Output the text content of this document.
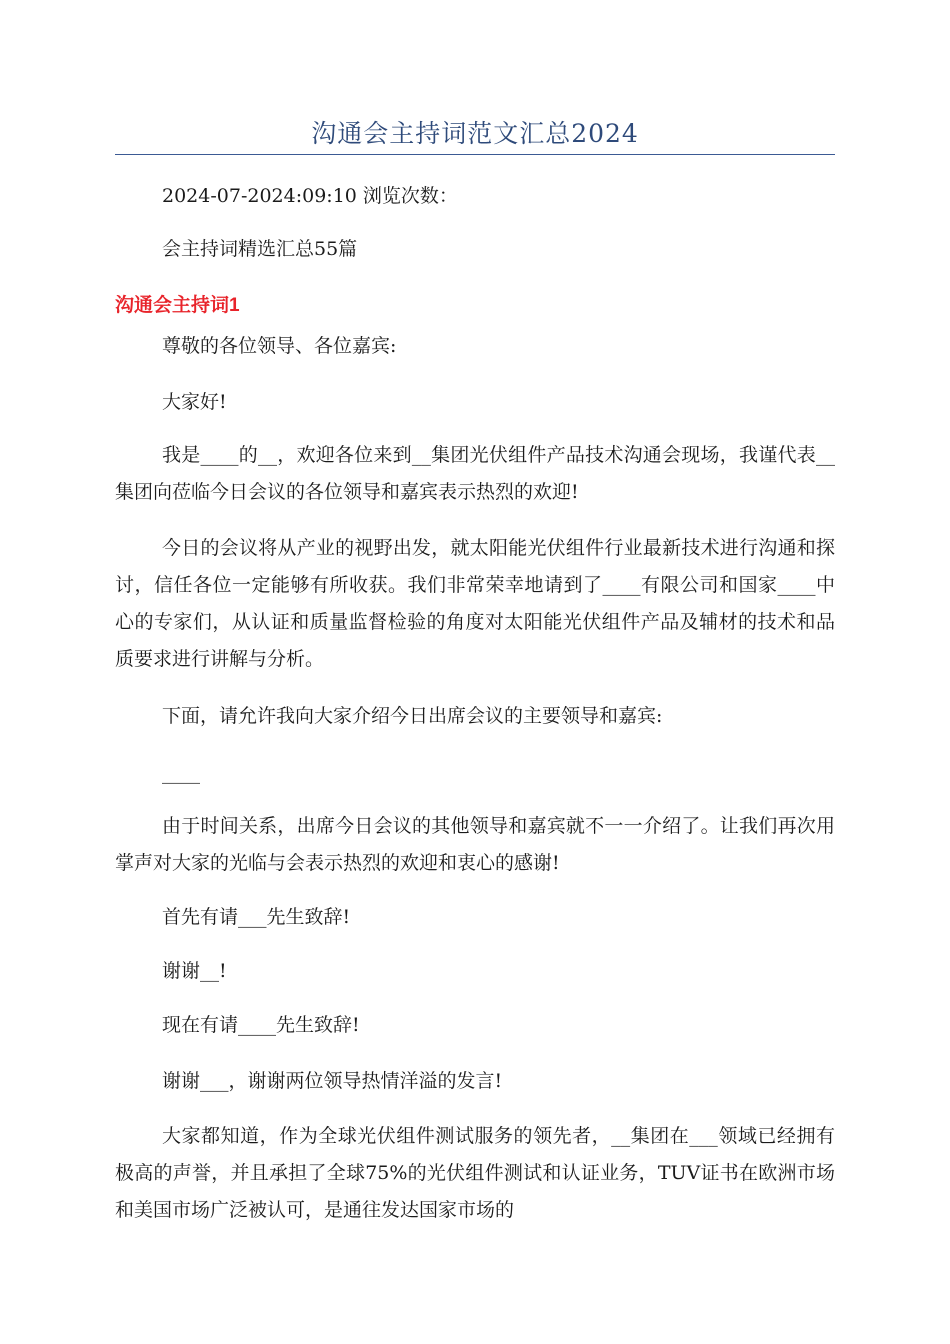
沟通会主持词范文汇总2024
2024-07-2024:09:10 浏览次数：
会主持词精选汇总55篇
沟通会主持词1
尊敬的各位领导、各位嘉宾:
大家好!
我是____的__，欢迎各位来到__集团光伏组件产品技术沟通会现场，我谨代表__集团向莅临今日会议的各位领导和嘉宾表示热烈的欢迎!
今日的会议将从产业的视野出发，就太阳能光伏组件行业最新技术进行沟通和探讨，信任各位一定能够有所收获。我们非常荣幸地请到了____有限公司和国家____中心的专家们，从认证和质量监督检验的角度对太阳能光伏组件产品及辅材的技术和品质要求进行讲解与分析。
下面，请允许我向大家介绍今日出席会议的主要领导和嘉宾:
____
由于时间关系，出席今日会议的其他领导和嘉宾就不一一介绍了。让我们再次用掌声对大家的光临与会表示热烈的欢迎和衷心的感谢!
首先有请___先生致辞!
谢谢__!
现在有请____先生致辞!
谢谢___，谢谢两位领导热情洋溢的发言!
大家都知道，作为全球光伏组件测试服务的领先者，__集团在___领域已经拥有极高的声誉，并且承担了全球75%的光伏组件测试和认证业务，TUV证书在欧洲市场和美国市场广泛被认可，是通往发达国家市场的
